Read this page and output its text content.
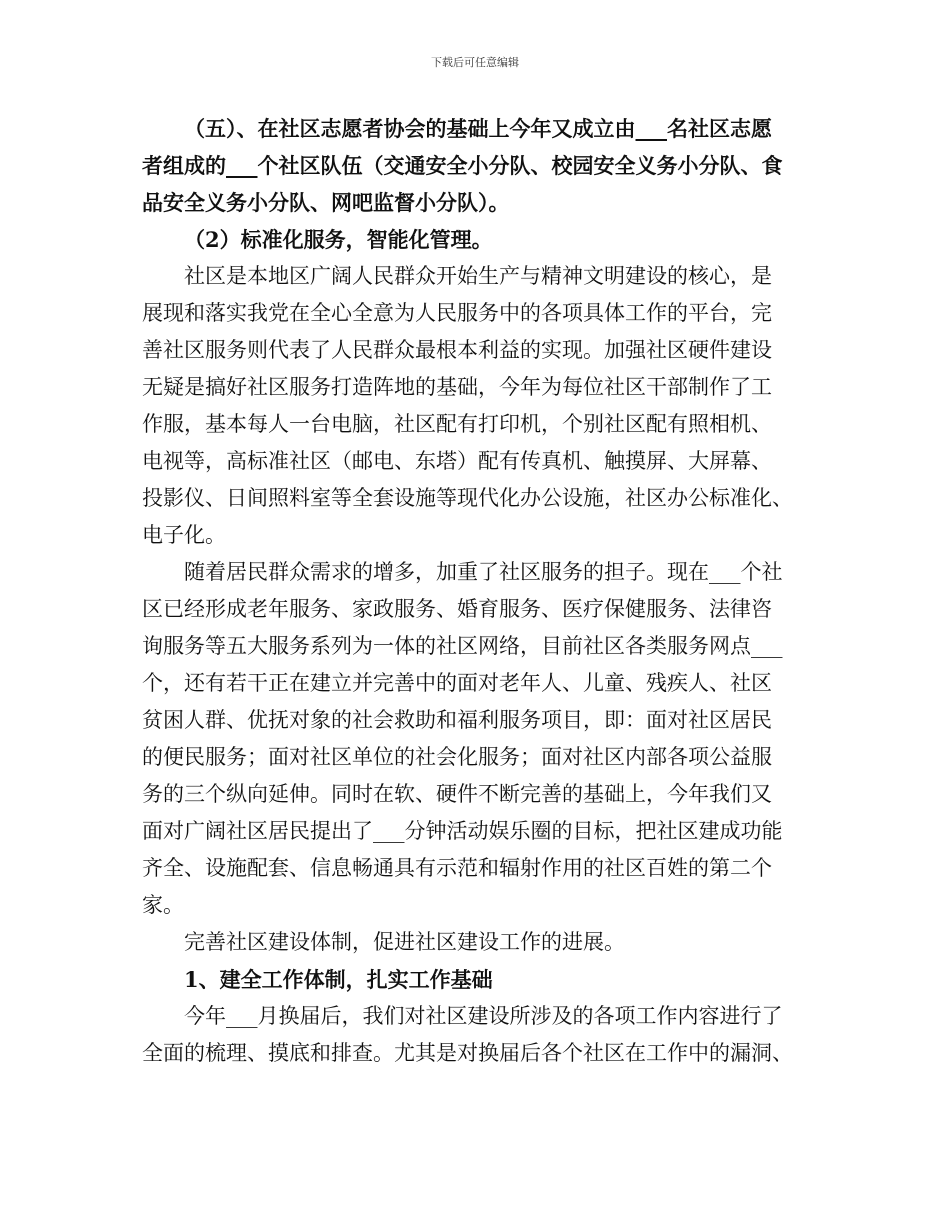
下载后可任意编辑
（五）、在社区志愿者协会的基础上今年又成立由___名社区志愿
者组成的___个社区队伍（交通安全小分队、校园安全义务小分队、食
品安全义务小分队、网吧监督小分队）。
（2）标准化服务，智能化管理。
社区是本地区广阔人民群众开始生产与精神文明建设的核心，是
展现和落实我党在全心全意为人民服务中的各项具体工作的平台，完
善社区服务则代表了人民群众最根本利益的实现。加强社区硬件建设
无疑是搞好社区服务打造阵地的基础，今年为每位社区干部制作了工
作服，基本每人一台电脑，社区配有打印机，个别社区配有照相机、
电视等，高标准社区（邮电、东塔）配有传真机、触摸屏、大屏幕、
投影仪、日间照料室等全套设施等现代化办公设施，社区办公标准化、
电子化。
随着居民群众需求的增多，加重了社区服务的担子。现在___个社
区已经形成老年服务、家政服务、婚育服务、医疗保健服务、法律咨
询服务等五大服务系列为一体的社区网络，目前社区各类服务网点___
个，还有若干正在建立并完善中的面对老年人、儿童、残疾人、社区
贫困人群、优抚对象的社会救助和福利服务项目，即：面对社区居民
的便民服务；面对社区单位的社会化服务；面对社区内部各项公益服
务的三个纵向延伸。同时在软、硬件不断完善的基础上，今年我们又
面对广阔社区居民提出了___分钟活动娱乐圈的目标，把社区建成功能
齐全、设施配套、信息畅通具有示范和辐射作用的社区百姓的第二个
家。
完善社区建设体制，促进社区建设工作的进展。
1、建全工作体制，扎实工作基础
今年___月换届后，我们对社区建设所涉及的各项工作内容进行了
全面的梳理、摸底和排查。尤其是对换届后各个社区在工作中的漏洞、
